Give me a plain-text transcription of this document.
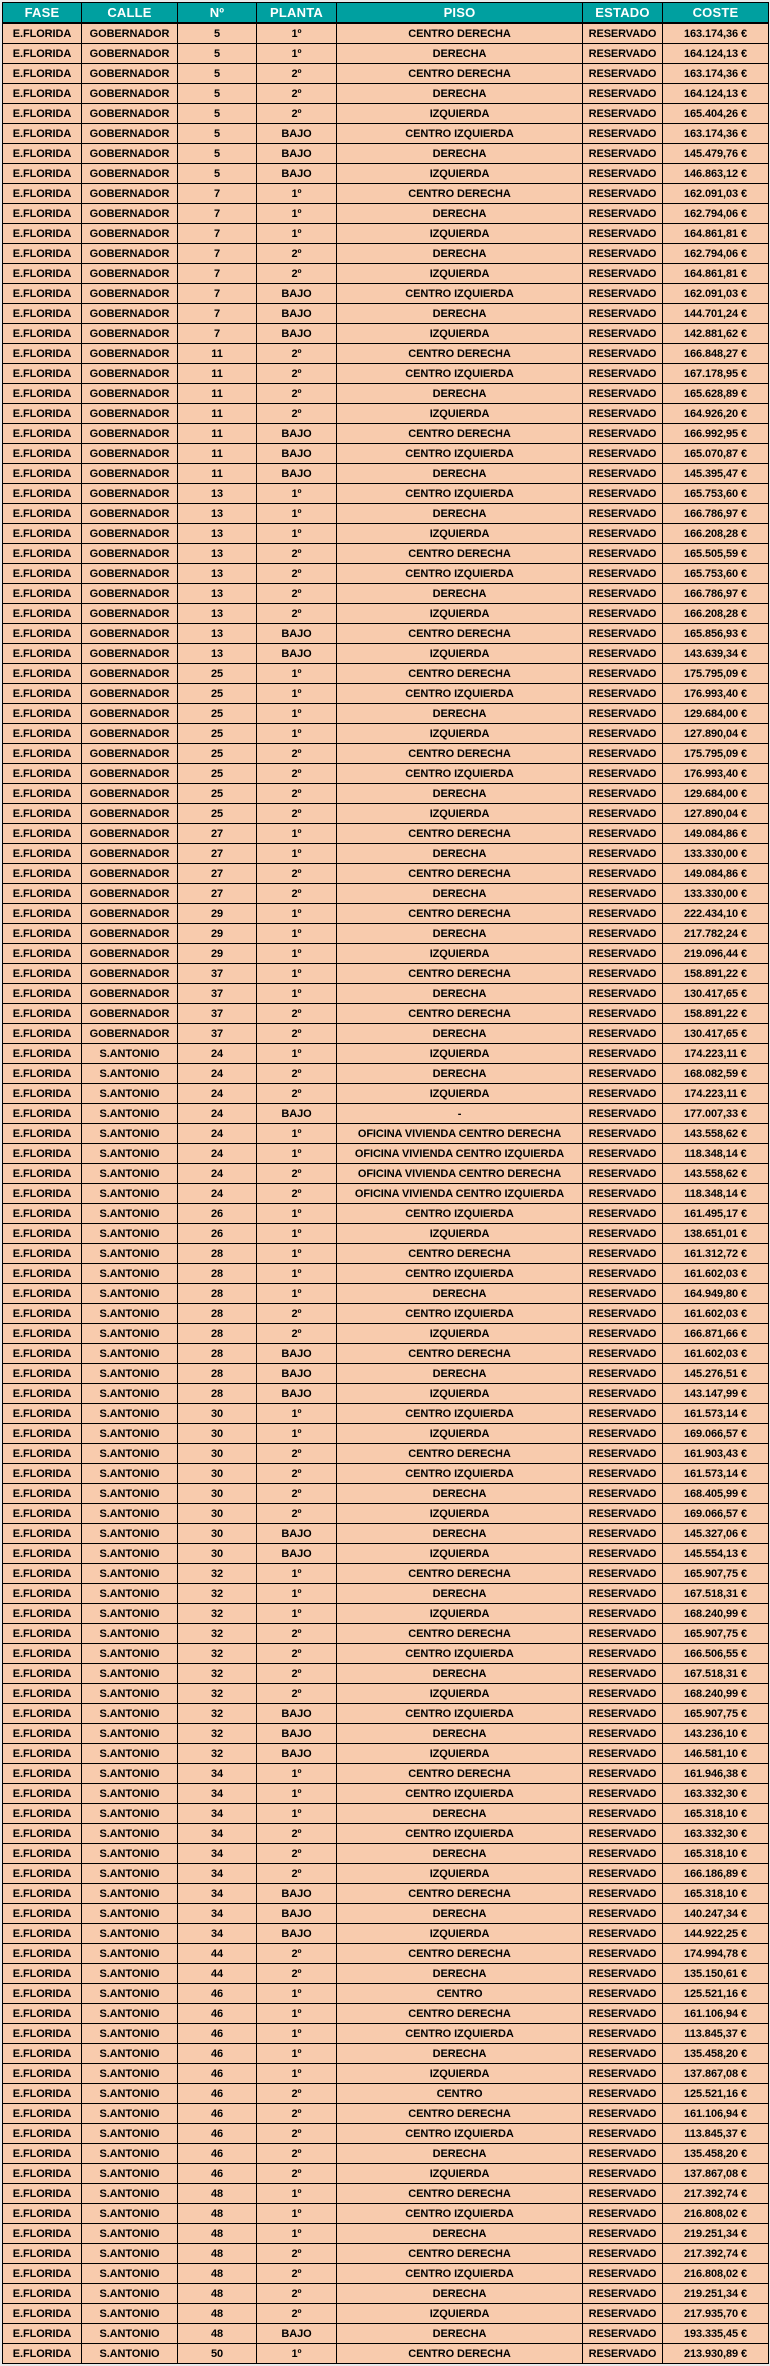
FASE	CALLE	Nº	PLANTA	PISO	ESTADO	COSTE
E.FLORIDA	GOBERNADOR	5	1º	CENTRO DERECHA	RESERVADO	163.174,36 €
E.FLORIDA	GOBERNADOR	5	1º	DERECHA	RESERVADO	164.124,13 €
E.FLORIDA	GOBERNADOR	5	2º	CENTRO DERECHA	RESERVADO	163.174,36 €
E.FLORIDA	GOBERNADOR	5	2º	DERECHA	RESERVADO	164.124,13 €
E.FLORIDA	GOBERNADOR	5	2º	IZQUIERDA	RESERVADO	165.404,26 €
E.FLORIDA	GOBERNADOR	5	BAJO	CENTRO IZQUIERDA	RESERVADO	163.174,36 €
E.FLORIDA	GOBERNADOR	5	BAJO	DERECHA	RESERVADO	145.479,76 €
E.FLORIDA	GOBERNADOR	5	BAJO	IZQUIERDA	RESERVADO	146.863,12 €
E.FLORIDA	GOBERNADOR	7	1º	CENTRO DERECHA	RESERVADO	162.091,03 €
E.FLORIDA	GOBERNADOR	7	1º	DERECHA	RESERVADO	162.794,06 €
E.FLORIDA	GOBERNADOR	7	1º	IZQUIERDA	RESERVADO	164.861,81 €
E.FLORIDA	GOBERNADOR	7	2º	DERECHA	RESERVADO	162.794,06 €
E.FLORIDA	GOBERNADOR	7	2º	IZQUIERDA	RESERVADO	164.861,81 €
E.FLORIDA	GOBERNADOR	7	BAJO	CENTRO IZQUIERDA	RESERVADO	162.091,03 €
E.FLORIDA	GOBERNADOR	7	BAJO	DERECHA	RESERVADO	144.701,24 €
E.FLORIDA	GOBERNADOR	7	BAJO	IZQUIERDA	RESERVADO	142.881,62 €
E.FLORIDA	GOBERNADOR	11	2º	CENTRO DERECHA	RESERVADO	166.848,27 €
E.FLORIDA	GOBERNADOR	11	2º	CENTRO IZQUIERDA	RESERVADO	167.178,95 €
E.FLORIDA	GOBERNADOR	11	2º	DERECHA	RESERVADO	165.628,89 €
E.FLORIDA	GOBERNADOR	11	2º	IZQUIERDA	RESERVADO	164.926,20 €
E.FLORIDA	GOBERNADOR	11	BAJO	CENTRO DERECHA	RESERVADO	166.992,95 €
E.FLORIDA	GOBERNADOR	11	BAJO	CENTRO IZQUIERDA	RESERVADO	165.070,87 €
E.FLORIDA	GOBERNADOR	11	BAJO	DERECHA	RESERVADO	145.395,47 €
E.FLORIDA	GOBERNADOR	13	1º	CENTRO IZQUIERDA	RESERVADO	165.753,60 €
E.FLORIDA	GOBERNADOR	13	1º	DERECHA	RESERVADO	166.786,97 €
E.FLORIDA	GOBERNADOR	13	1º	IZQUIERDA	RESERVADO	166.208,28 €
E.FLORIDA	GOBERNADOR	13	2º	CENTRO DERECHA	RESERVADO	165.505,59 €
E.FLORIDA	GOBERNADOR	13	2º	CENTRO IZQUIERDA	RESERVADO	165.753,60 €
E.FLORIDA	GOBERNADOR	13	2º	DERECHA	RESERVADO	166.786,97 €
E.FLORIDA	GOBERNADOR	13	2º	IZQUIERDA	RESERVADO	166.208,28 €
E.FLORIDA	GOBERNADOR	13	BAJO	CENTRO DERECHA	RESERVADO	165.856,93 €
E.FLORIDA	GOBERNADOR	13	BAJO	IZQUIERDA	RESERVADO	143.639,34 €
E.FLORIDA	GOBERNADOR	25	1º	CENTRO DERECHA	RESERVADO	175.795,09 €
E.FLORIDA	GOBERNADOR	25	1º	CENTRO IZQUIERDA	RESERVADO	176.993,40 €
E.FLORIDA	GOBERNADOR	25	1º	DERECHA	RESERVADO	129.684,00 €
E.FLORIDA	GOBERNADOR	25	1º	IZQUIERDA	RESERVADO	127.890,04 €
E.FLORIDA	GOBERNADOR	25	2º	CENTRO DERECHA	RESERVADO	175.795,09 €
E.FLORIDA	GOBERNADOR	25	2º	CENTRO IZQUIERDA	RESERVADO	176.993,40 €
E.FLORIDA	GOBERNADOR	25	2º	DERECHA	RESERVADO	129.684,00 €
E.FLORIDA	GOBERNADOR	25	2º	IZQUIERDA	RESERVADO	127.890,04 €
E.FLORIDA	GOBERNADOR	27	1º	CENTRO DERECHA	RESERVADO	149.084,86 €
E.FLORIDA	GOBERNADOR	27	1º	DERECHA	RESERVADO	133.330,00 €
E.FLORIDA	GOBERNADOR	27	2º	CENTRO DERECHA	RESERVADO	149.084,86 €
E.FLORIDA	GOBERNADOR	27	2º	DERECHA	RESERVADO	133.330,00 €
E.FLORIDA	GOBERNADOR	29	1º	CENTRO DERECHA	RESERVADO	222.434,10 €
E.FLORIDA	GOBERNADOR	29	1º	DERECHA	RESERVADO	217.782,24 €
E.FLORIDA	GOBERNADOR	29	1º	IZQUIERDA	RESERVADO	219.096,44 €
E.FLORIDA	GOBERNADOR	37	1º	CENTRO DERECHA	RESERVADO	158.891,22 €
E.FLORIDA	GOBERNADOR	37	1º	DERECHA	RESERVADO	130.417,65 €
E.FLORIDA	GOBERNADOR	37	2º	CENTRO DERECHA	RESERVADO	158.891,22 €
E.FLORIDA	GOBERNADOR	37	2º	DERECHA	RESERVADO	130.417,65 €
E.FLORIDA	S.ANTONIO	24	1º	IZQUIERDA	RESERVADO	174.223,11 €
E.FLORIDA	S.ANTONIO	24	2º	DERECHA	RESERVADO	168.082,59 €
E.FLORIDA	S.ANTONIO	24	2º	IZQUIERDA	RESERVADO	174.223,11 €
E.FLORIDA	S.ANTONIO	24	BAJO	-	RESERVADO	177.007,33 €
E.FLORIDA	S.ANTONIO	24	1º	OFICINA VIVIENDA CENTRO DERECHA	RESERVADO	143.558,62 €
E.FLORIDA	S.ANTONIO	24	1º	OFICINA VIVIENDA CENTRO IZQUIERDA	RESERVADO	118.348,14 €
E.FLORIDA	S.ANTONIO	24	2º	OFICINA VIVIENDA CENTRO DERECHA	RESERVADO	143.558,62 €
E.FLORIDA	S.ANTONIO	24	2º	OFICINA VIVIENDA CENTRO IZQUIERDA	RESERVADO	118.348,14 €
E.FLORIDA	S.ANTONIO	26	1º	CENTRO IZQUIERDA	RESERVADO	161.495,17 €
E.FLORIDA	S.ANTONIO	26	1º	IZQUIERDA	RESERVADO	138.651,01 €
E.FLORIDA	S.ANTONIO	28	1º	CENTRO DERECHA	RESERVADO	161.312,72 €
E.FLORIDA	S.ANTONIO	28	1º	CENTRO IZQUIERDA	RESERVADO	161.602,03 €
E.FLORIDA	S.ANTONIO	28	1º	DERECHA	RESERVADO	164.949,80 €
E.FLORIDA	S.ANTONIO	28	2º	CENTRO IZQUIERDA	RESERVADO	161.602,03 €
E.FLORIDA	S.ANTONIO	28	2º	IZQUIERDA	RESERVADO	166.871,66 €
E.FLORIDA	S.ANTONIO	28	BAJO	CENTRO DERECHA	RESERVADO	161.602,03 €
E.FLORIDA	S.ANTONIO	28	BAJO	DERECHA	RESERVADO	145.276,51 €
E.FLORIDA	S.ANTONIO	28	BAJO	IZQUIERDA	RESERVADO	143.147,99 €
E.FLORIDA	S.ANTONIO	30	1º	CENTRO IZQUIERDA	RESERVADO	161.573,14 €
E.FLORIDA	S.ANTONIO	30	1º	IZQUIERDA	RESERVADO	169.066,57 €
E.FLORIDA	S.ANTONIO	30	2º	CENTRO DERECHA	RESERVADO	161.903,43 €
E.FLORIDA	S.ANTONIO	30	2º	CENTRO IZQUIERDA	RESERVADO	161.573,14 €
E.FLORIDA	S.ANTONIO	30	2º	DERECHA	RESERVADO	168.405,99 €
E.FLORIDA	S.ANTONIO	30	2º	IZQUIERDA	RESERVADO	169.066,57 €
E.FLORIDA	S.ANTONIO	30	BAJO	DERECHA	RESERVADO	145.327,06 €
E.FLORIDA	S.ANTONIO	30	BAJO	IZQUIERDA	RESERVADO	145.554,13 €
E.FLORIDA	S.ANTONIO	32	1º	CENTRO DERECHA	RESERVADO	165.907,75 €
E.FLORIDA	S.ANTONIO	32	1º	DERECHA	RESERVADO	167.518,31 €
E.FLORIDA	S.ANTONIO	32	1º	IZQUIERDA	RESERVADO	168.240,99 €
E.FLORIDA	S.ANTONIO	32	2º	CENTRO DERECHA	RESERVADO	165.907,75 €
E.FLORIDA	S.ANTONIO	32	2º	CENTRO IZQUIERDA	RESERVADO	166.506,55 €
E.FLORIDA	S.ANTONIO	32	2º	DERECHA	RESERVADO	167.518,31 €
E.FLORIDA	S.ANTONIO	32	2º	IZQUIERDA	RESERVADO	168.240,99 €
E.FLORIDA	S.ANTONIO	32	BAJO	CENTRO IZQUIERDA	RESERVADO	165.907,75 €
E.FLORIDA	S.ANTONIO	32	BAJO	DERECHA	RESERVADO	143.236,10 €
E.FLORIDA	S.ANTONIO	32	BAJO	IZQUIERDA	RESERVADO	146.581,10 €
E.FLORIDA	S.ANTONIO	34	1º	CENTRO DERECHA	RESERVADO	161.946,38 €
E.FLORIDA	S.ANTONIO	34	1º	CENTRO IZQUIERDA	RESERVADO	163.332,30 €
E.FLORIDA	S.ANTONIO	34	1º	DERECHA	RESERVADO	165.318,10 €
E.FLORIDA	S.ANTONIO	34	2º	CENTRO IZQUIERDA	RESERVADO	163.332,30 €
E.FLORIDA	S.ANTONIO	34	2º	DERECHA	RESERVADO	165.318,10 €
E.FLORIDA	S.ANTONIO	34	2º	IZQUIERDA	RESERVADO	166.186,89 €
E.FLORIDA	S.ANTONIO	34	BAJO	CENTRO DERECHA	RESERVADO	165.318,10 €
E.FLORIDA	S.ANTONIO	34	BAJO	DERECHA	RESERVADO	140.247,34 €
E.FLORIDA	S.ANTONIO	34	BAJO	IZQUIERDA	RESERVADO	144.922,25 €
E.FLORIDA	S.ANTONIO	44	2º	CENTRO DERECHA	RESERVADO	174.994,78 €
E.FLORIDA	S.ANTONIO	44	2º	DERECHA	RESERVADO	135.150,61 €
E.FLORIDA	S.ANTONIO	46	1º	CENTRO	RESERVADO	125.521,16 €
E.FLORIDA	S.ANTONIO	46	1º	CENTRO DERECHA	RESERVADO	161.106,94 €
E.FLORIDA	S.ANTONIO	46	1º	CENTRO IZQUIERDA	RESERVADO	113.845,37 €
E.FLORIDA	S.ANTONIO	46	1º	DERECHA	RESERVADO	135.458,20 €
E.FLORIDA	S.ANTONIO	46	1º	IZQUIERDA	RESERVADO	137.867,08 €
E.FLORIDA	S.ANTONIO	46	2º	CENTRO	RESERVADO	125.521,16 €
E.FLORIDA	S.ANTONIO	46	2º	CENTRO DERECHA	RESERVADO	161.106,94 €
E.FLORIDA	S.ANTONIO	46	2º	CENTRO IZQUIERDA	RESERVADO	113.845,37 €
E.FLORIDA	S.ANTONIO	46	2º	DERECHA	RESERVADO	135.458,20 €
E.FLORIDA	S.ANTONIO	46	2º	IZQUIERDA	RESERVADO	137.867,08 €
E.FLORIDA	S.ANTONIO	48	1º	CENTRO DERECHA	RESERVADO	217.392,74 €
E.FLORIDA	S.ANTONIO	48	1º	CENTRO IZQUIERDA	RESERVADO	216.808,02 €
E.FLORIDA	S.ANTONIO	48	1º	DERECHA	RESERVADO	219.251,34 €
E.FLORIDA	S.ANTONIO	48	2º	CENTRO DERECHA	RESERVADO	217.392,74 €
E.FLORIDA	S.ANTONIO	48	2º	CENTRO IZQUIERDA	RESERVADO	216.808,02 €
E.FLORIDA	S.ANTONIO	48	2º	DERECHA	RESERVADO	219.251,34 €
E.FLORIDA	S.ANTONIO	48	2º	IZQUIERDA	RESERVADO	217.935,70 €
E.FLORIDA	S.ANTONIO	48	BAJO	DERECHA	RESERVADO	193.335,45 €
E.FLORIDA	S.ANTONIO	50	1º	CENTRO DERECHA	RESERVADO	213.930,89 €
